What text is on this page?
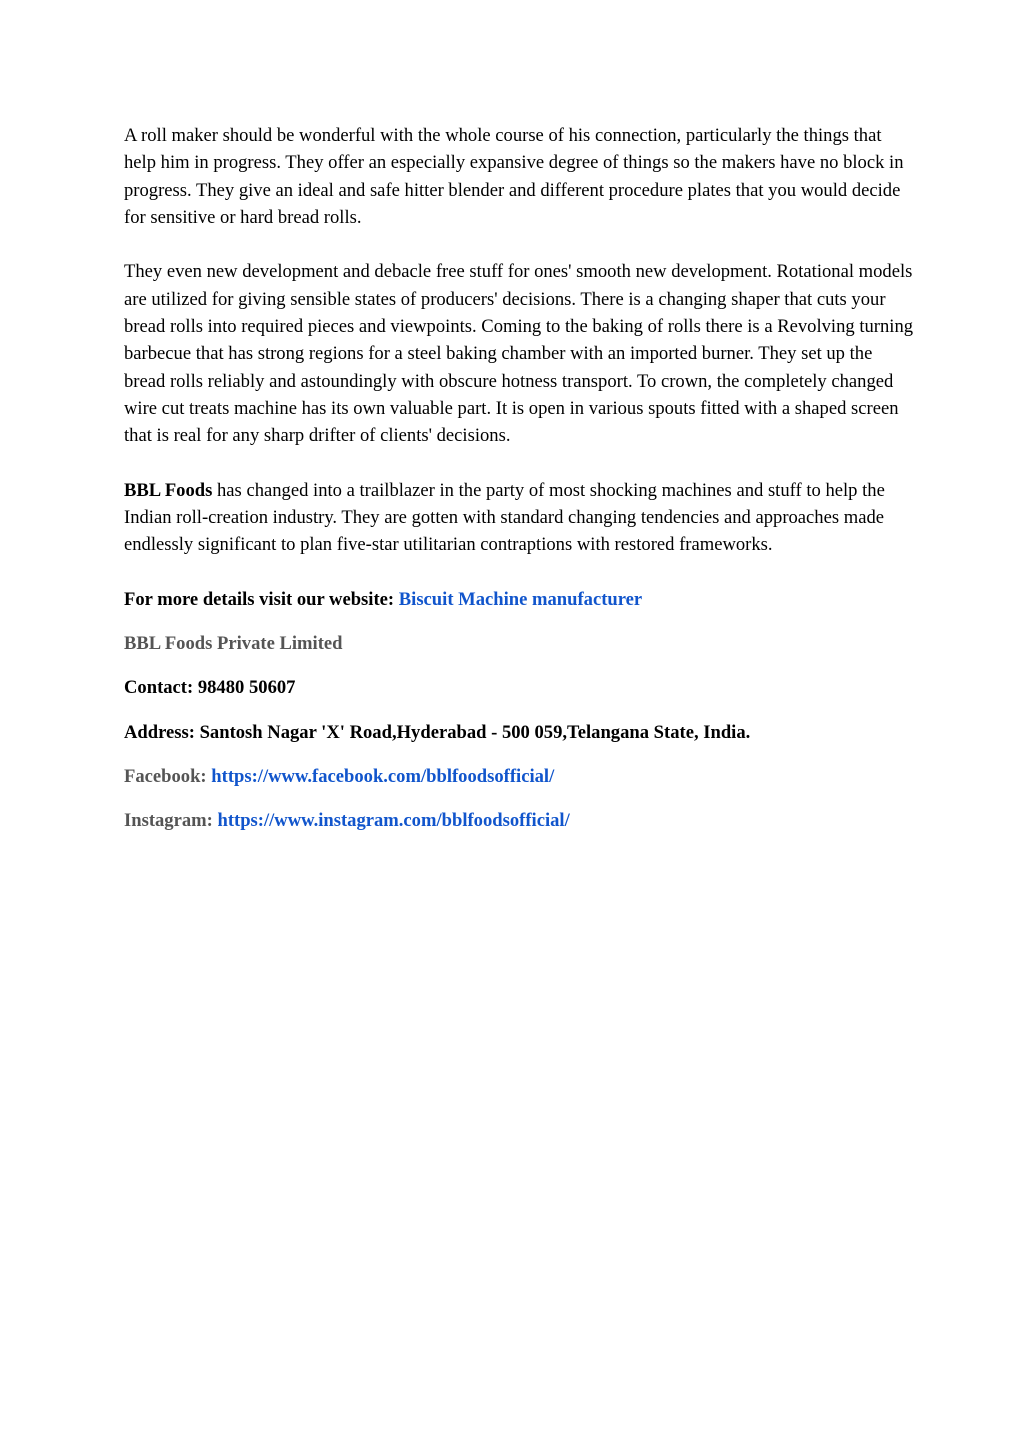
A roll maker should be wonderful with the whole course of his connection, particularly the things that help him in progress. They offer an especially expansive degree of things so the makers have no block in progress. They give an ideal and safe hitter blender and different procedure plates that you would decide for sensitive or hard bread rolls.

They even new development and debacle free stuff for ones' smooth new development. Rotational models are utilized for giving sensible states of producers' decisions. There is a changing shaper that cuts your bread rolls into required pieces and viewpoints. Coming to the baking of rolls there is a Revolving turning barbecue that has strong regions for a steel baking chamber with an imported burner. They set up the bread rolls reliably and astoundingly with obscure hotness transport. To crown, the completely changed wire cut treats machine has its own valuable part. It is open in various spouts fitted with a shaped screen that is real for any sharp drifter of clients' decisions.

BBL Foods has changed into a trailblazer in the party of most shocking machines and stuff to help the Indian roll-creation industry. They are gotten with standard changing tendencies and approaches made endlessly significant to plan five-star utilitarian contraptions with restored frameworks.

For more details visit our website: Biscuit Machine manufacturer

BBL Foods Private Limited

Contact: 98480 50607

Address: Santosh Nagar 'X' Road,Hyderabad - 500 059,Telangana State, India.

Facebook: https://www.facebook.com/bblfoodsofficial/

Instagram: https://www.instagram.com/bblfoodsofficial/
